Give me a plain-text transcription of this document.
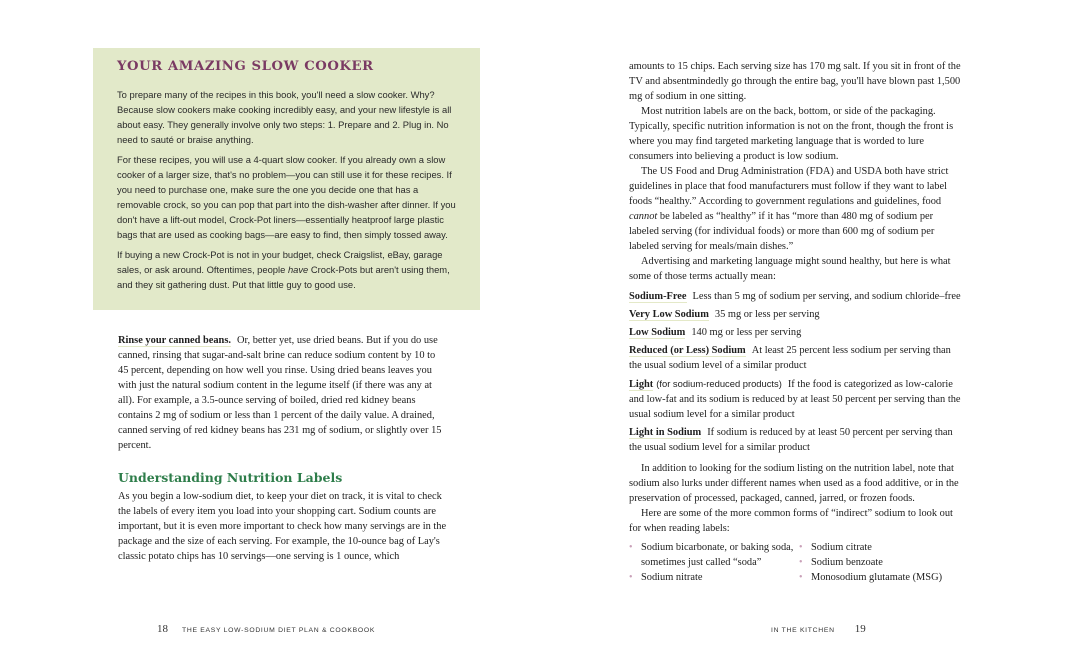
YOUR AMAZING SLOW COOKER

To prepare many of the recipes in this book, you'll need a slow cooker. Why? Because slow cookers make cooking incredibly easy, and your new lifestyle is all about easy. They generally involve only two steps: 1. Prepare and 2. Plug in. No need to sauté or braise anything.

For these recipes, you will use a 4-quart slow cooker. If you already own a slow cooker of a larger size, that's no problem—you can still use it for these recipes. If you need to purchase one, make sure the one you decide one that has a removable crock, so you can pop that part into the dish-washer after dinner. If you don't have a lift-out model, Crock-Pot liners—essentially heatproof large plastic bags that are used as cooking bags—are easy to find, then simply tossed away.

If buying a new Crock-Pot is not in your budget, check Craigslist, eBay, garage sales, or ask around. Oftentimes, people have Crock-Pots but aren't using them, and they sit gathering dust. Put that little guy to good use.

Rinse your canned beans. Or, better yet, use dried beans. But if you do use canned, rinsing that sugar-and-salt brine can reduce sodium content by 10 to 45 percent, depending on how well you rinse. Using dried beans leaves you with just the natural sodium content in the legume itself (if there was any at all). For example, a 3.5-ounce serving of boiled, dried red kidney beans contains 2 mg of sodium or less than 1 percent of the daily value. A drained, canned serving of red kidney beans has 231 mg of sodium, or slightly over 15 percent.

Understanding Nutrition Labels

As you begin a low-sodium diet, to keep your diet on track, it is vital to check the labels of every item you load into your shopping cart. Sodium counts are important, but it is even more important to check how many servings are in the package and the size of each serving. For example, the 10-ounce bag of Lay's classic potato chips has 10 servings—one serving is 1 ounce, which

amounts to 15 chips. Each serving size has 170 mg salt. If you sit in front of the TV and absentmindedly go through the entire bag, you'll have blown past 1,500 mg of sodium in one sitting.

Most nutrition labels are on the back, bottom, or side of the packaging. Typically, specific nutrition information is not on the front, though the front is where you may find targeted marketing language that is worded to lure consumers into believing a product is low sodium.

The US Food and Drug Administration (FDA) and USDA both have strict guidelines in place that food manufacturers must follow if they want to label foods “healthy.” According to government regulations and guidelines, food cannot be labeled as “healthy” if it has “more than 480 mg of sodium per labeled serving (for individual foods) or more than 600 mg of sodium per labeled serving for meals/main dishes.”

Advertising and marketing language might sound healthy, but here is what some of those terms actually mean:

Sodium-Free Less than 5 mg of sodium per serving, and sodium chloride–free

Very Low Sodium 35 mg or less per serving

Low Sodium 140 mg or less per serving

Reduced (or Less) Sodium At least 25 percent less sodium per serving than the usual sodium level of a similar product

Light (for sodium-reduced products) If the food is categorized as low-calorie and low-fat and its sodium is reduced by at least 50 percent per serving than the usual sodium level for a similar product

Light in Sodium If sodium is reduced by at least 50 percent per serving than the usual sodium level for a similar product

In addition to looking for the sodium listing on the nutrition label, note that sodium also lurks under different names when used as a food additive, or in the preservation of processed, packaged, canned, jarred, or frozen foods.

Here are some of the more common forms of “indirect” sodium to look out for when reading labels:

• Sodium bicarbonate, or baking soda, sometimes just called “soda”
• Sodium nitrate
• Sodium citrate
• Sodium benzoate
• Monosodium glutamate (MSG)
18 THE EASY LOW-SODIUM DIET PLAN & COOKBOOK	IN THE KITCHEN 19
